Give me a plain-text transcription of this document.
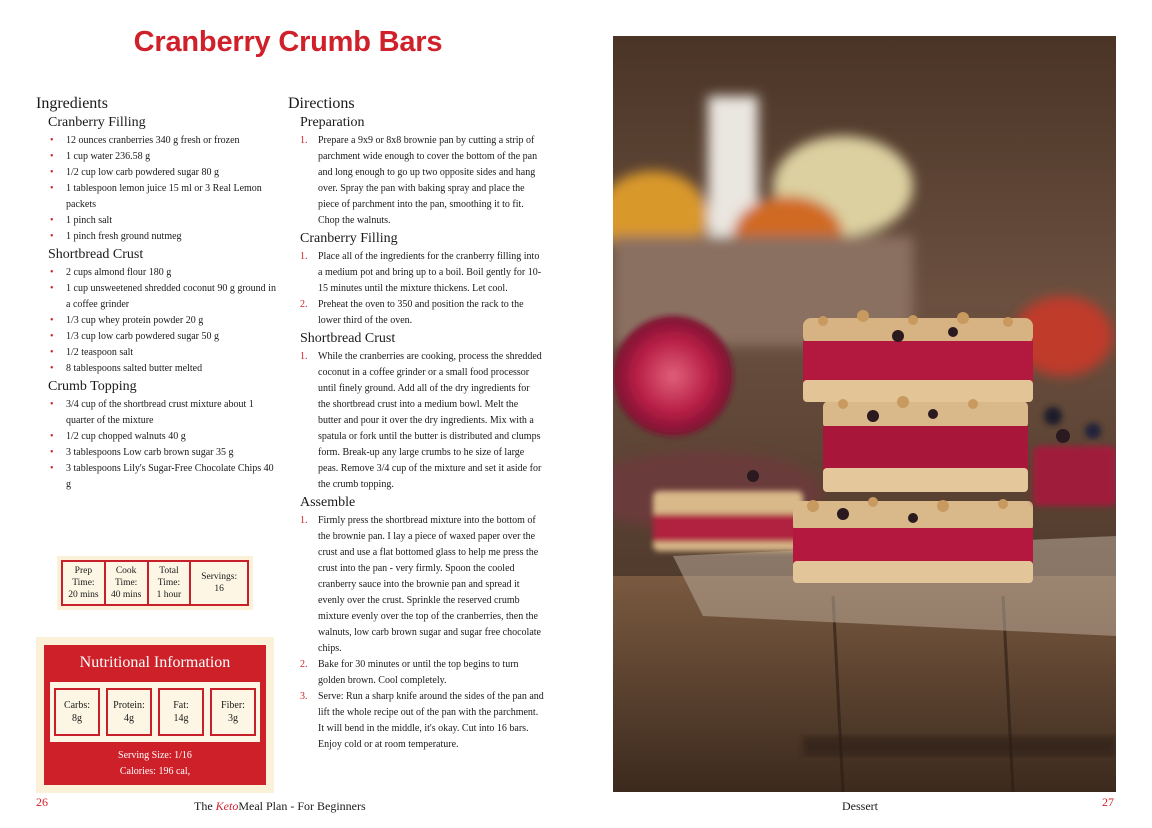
Cranberry Crumb Bars
Ingredients
Cranberry Filling
• 12 ounces cranberries 340 g fresh or frozen
• 1 cup water 236.58 g
• 1/2 cup low carb powdered sugar 80 g
• 1 tablespoon lemon juice 15 ml or 3 Real Lemon packets
• 1 pinch salt
• 1 pinch fresh ground nutmeg
Shortbread Crust
• 2 cups almond flour 180 g
• 1 cup unsweetened shredded coconut 90 g ground in a coffee grinder
• 1/3 cup whey protein powder 20 g
• 1/3 cup low carb powdered sugar 50 g
• 1/2 teaspoon salt
• 8 tablespoons salted butter melted
Crumb Topping
• 3/4 cup of the shortbread crust mixture about 1 quarter of the mixture
• 1/2 cup chopped walnuts 40 g
• 3 tablespoons Low carb brown sugar 35 g
• 3 tablespoons Lily's Sugar-Free Chocolate Chips 40 g
Prep Time:
20 mins	Cook Time:
40 mins	Total Time:
1 hour	Servings:
16
Nutritional Information
Carbs:
8g
Protein:
4g
Fat:
14g
Fiber:
3g
Serving Size: 1/16
Calories: 196 cal,
Directions
Preparation
1. Prepare a 9x9 or 8x8 brownie pan by cutting a strip of parchment wide enough to cover the bottom of the pan and long enough to go up two opposite sides and hang over. Spray the pan with baking spray and place the piece of parchment into the pan, smoothing it to fit. Chop the walnuts.
Cranberry Filling
1. Place all of the ingredients for the cranberry filling into a medium pot and bring up to a boil. Boil gently for 10-15 minutes until the mixture thickens. Let cool.
2. Preheat the oven to 350 and position the rack to the lower third of the oven.
Shortbread Crust
1. While the cranberries are cooking, process the shredded coconut in a coffee grinder or a small food processor until finely ground. Add all of the dry ingredients for the shortbread crust into a medium bowl. Melt the butter and pour it over the dry ingredients. Mix with a spatula or fork until the butter is distributed and clumps form. Break-up any large crumbs to he size of large peas. Remove 3/4 cup of the mixture and set it aside for the crumb topping.
Assemble
1. Firmly press the shortbread mixture into the bottom of the brownie pan. I lay a piece of waxed paper over the crust and use a flat bottomed glass to help me press the crust into the pan - very firmly. Spoon the cooled cranberry sauce into the brownie pan and spread it evenly over the crust. Sprinkle the reserved crumb mixture evenly over the top of the cranberries, then the walnuts, low carb brown sugar and sugar free chocolate chips.
2. Bake for 30 minutes or until the top begins to turn golden brown. Cool completely.
3. Serve: Run a sharp knife around the sides of the pan and lift the whole recipe out of the pan with the parchment. It will bend in the middle, it's okay. Cut into 16 bars. Enjoy cold or at room temperature.
26	The KetoMeal Plan - For Beginners	Dessert	27
